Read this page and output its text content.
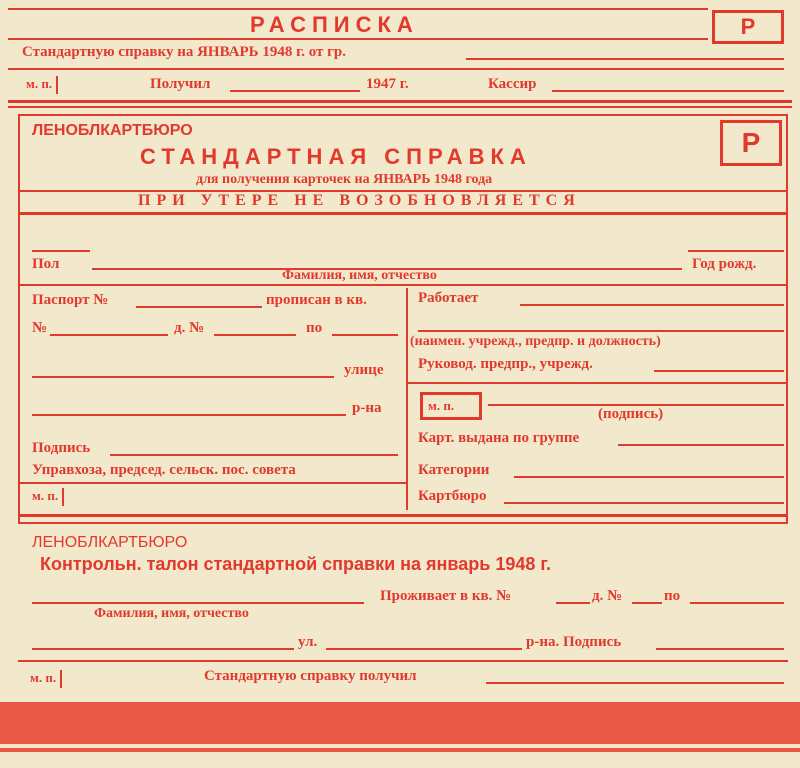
РАСПИСКА	Р
Стандартную справку на ЯНВАРЬ 1948 г. от гр.
м. п.	Получил	1947 г.	Кассир
ЛЕНОБЛКАРТБЮРО	Р
СТАНДАРТНАЯ СПРАВКА
для получения карточек на ЯНВАРЬ 1948 года
ПРИ УТЕРЕ НЕ ВОЗОБНОВЛЯЕТСЯ
Пол	Год рожд.
Фамилия, имя, отчество
Паспорт №	прописан в кв.
№	д. №	по
улице
р-на
Подпись
Управхоза, председ. сельск. пос. совета
м. п.
Работает
(наимен. учрежд., предпр. и должность)
Руковод. предпр., учрежд.
м. п.
(подпись)
Карт. выдана по группе
Категории
Картбюро
ЛЕНОБЛКАРТБЮРО
Контрольн. талон стандартной справки на январь 1948 г.
Проживает в кв. №	д. №	по
Фамилия, имя, отчество
ул.	р-на. Подпись
м. п.	Стандартную справку получил
